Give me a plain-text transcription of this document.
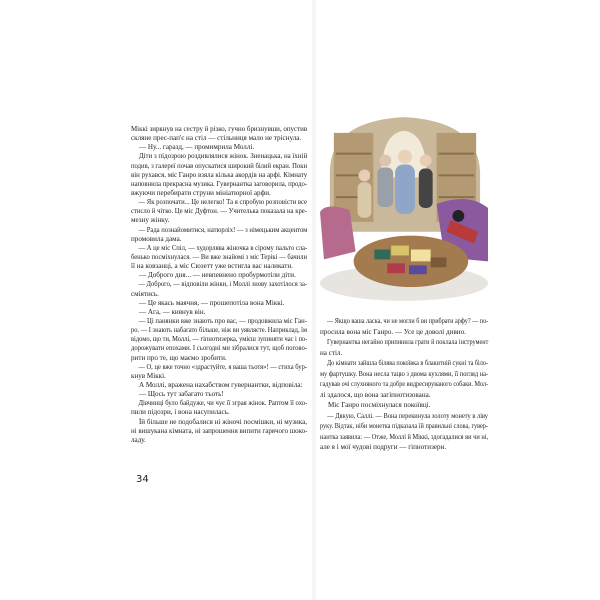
Міккі зиркнув на сестру й різко, гучно бризнувши, опустив
скляне прес-пап'є на стіл — стільниця мало не тріснула.
— Ну... гаразд, — промимрила Моллі.
Діти з підозрою роздивлялися жінок. Зненацька, на їхній
подив, з галереї почав опускатися широкий білий екран. Поки
він рухався, міс Ганро взяла кілька акордів на арфі. Кімнату
наповнила прекрасна музика. Гувернантка заговорила, продо-
вжуючи перебирати струни мініатюрної арфи.
— Як розпочати... Це нелегко! Та я спробую розповісти все
стисло й чітко. Це міс Дуфтон. — Учителька показала на кре-
мезну жінку.
— Рада познайомитися, натюрліх! — з німецьким акцентом
промовила дама.
— А це міс Спіл, — худорлява жіночка в сірому пальто сла-
бенько посміхнулася. — Ви вже знайомі з міс Терікі — бачили
її на ковзанці, а міс Сюзетт уже встигла вас наликати.
— Доброго дня... — невпевнено пробурмотіли діти.
— Доброго, — відповіли жінки, і Моллі знову захотілося за-
сміятись.
— Це якась маячня, — прошепотіла вона Міккі.
— Ага, — кивнув він.
— Ці панянки вже знають про вас, — продовжила міс Ган-
ро. — І знають набагато більше, ніж ви уявляєте. Наприклад, їм
відомо, що ти, Моллі, — гіпнотизерка, умієш зупиняти час і по-
дорожувати епохами. І сьогодні ми зібралися тут, щоб погово-
рити про те, що маємо зробити.
— О, це вже точно «здрастуйте, я ваша тьотя»! — стиха бур-
кнув Міккі.
А Моллі, вражена нахабством гувернантки, відповіла:
— Щось тут забагато тьоть!
Дівчинці було байдуже, чи чує її зграя жінок. Раптом її охо-
пили підозри, і вона насупилась.
Їй більше не подобалися ні жіночі посмішки, ні музика,
ні вишукана кімната, ні запрошення випити гарячого шоко-
ладу.
34
— Якщо ваша ласка, чи не могли б ви прибрати арфу? — по-
просила вона міс Ганро. — Усе це доволі дивно.
Гувернантка негайно припинила грати й поклала інструмент
на стіл.
До кімнати зайшла білява покоївка в блакитній сукні та біло-
му фартушку. Вона несла тацю з двома кухлями, її погляд на-
гадував очі слухняного та добре видресируваного собаки. Мол-
лі здалося, що вона загіпнотизована.
Міс Ганро посміхнулася покоївці.
— Дякую, Саллі. — Вона перекинула золоту монету в ліву
руку. Відтак, ніби монетка підказала їй правильні слова, гувер-
нантка заявила: — Отже, Моллі й Міккі, здогадалися ви чи ні,
але я і мої чудові подруги — гіпнотизери.
